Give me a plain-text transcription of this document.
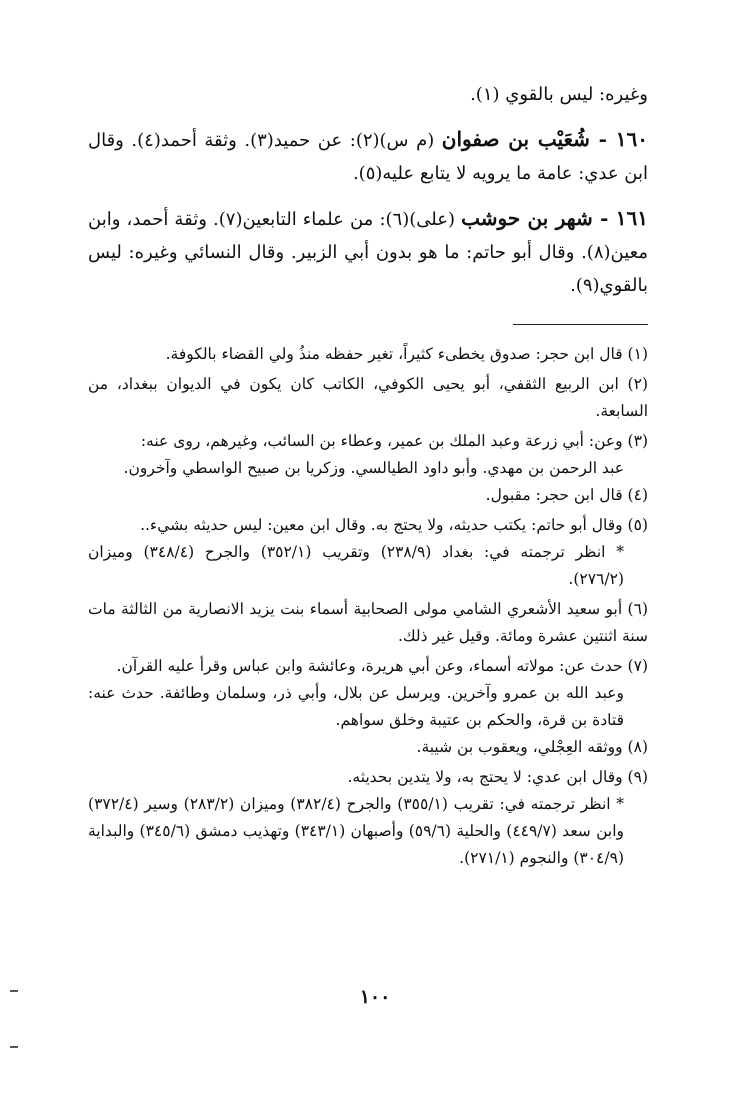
وغيره: ليس بالقوي (١).

١٦٠ - شُعَيْب بن صفوان (م س)(٢): عن حميد(٣). وثقة أحمد(٤). وقال ابن عدي: عامة ما يرويه لا يتابع عليه(٥).

١٦١ - شهر بن حوشب (على)(٦): من علماء التابعين(٧). وثقة أحمد، وابن معين(٨). وقال أبو حاتم: ما هو بدون أبي الزبير. وقال النسائي وغيره: ليس بالقوي(٩).

(١) قال ابن حجر: صدوق يخطىء كثيراً، تغير حفظه منذُ ولي القضاء بالكوفة.

(٢) ابن الربيع الثقفي، أبو يحيى الكوفي، الكاتب كان يكون في الديوان ببغداد، من السابعة.

(٣) وعن: أبي زرعة وعبد الملك بن عمير، وعطاء بن السائب، وغيرهم، روى عنه:

عبد الرحمن بن مهدي. وأبو داود الطيالسي. وزكريا بن صبيح الواسطي وآخرون.

(٤) قال ابن حجر: مقبول.

(٥) وقال أبو حاتم: يكتب حديثه، ولا يحتج به. وقال ابن معين: ليس حديثه بشيء..

* انظر ترجمته في: بغداد (٢٣٨/٩) وتقريب (٣٥٢/١) والجرح (٣٤٨/٤) وميزان (٢٧٦/٢).

(٦) أبو سعيد الأشعري الشامي مولى الصحابية أسماء بنت يزيد الانصارية من الثالثة مات سنة اثنتين عشرة ومائة. وقيل غير ذلك.

(٧) حدث عن: مولاته أسماء، وعن أبي هريرة، وعائشة وابن عباس وقرأ عليه القرآن.

وعبد الله بن عمرو وآخرين. ويرسل عن بلال، وأبي ذر، وسلمان وطائفة. حدث عنه: قتادة بن قرة، والحكم بن عتيبة وخلق سواهم.

(٨) ووثقه العِجْلي، ويعقوب بن شيبة.

(٩) وقال ابن عدي: لا يحتج به، ولا يتدين بحديثه.

* انظر ترجمته في: تقريب (٣٥٥/١) والجرح (٣٨٢/٤) وميزان (٢٨٣/٢) وسير (٣٧٢/٤) وابن سعد (٤٤٩/٧) والحلية (٥٩/٦) وأصبهان (٣٤٣/١) وتهذيب دمشق (٣٤٥/٦) والبداية (٣٠٤/٩) والنجوم (٢٧١/١).

١٠٠
